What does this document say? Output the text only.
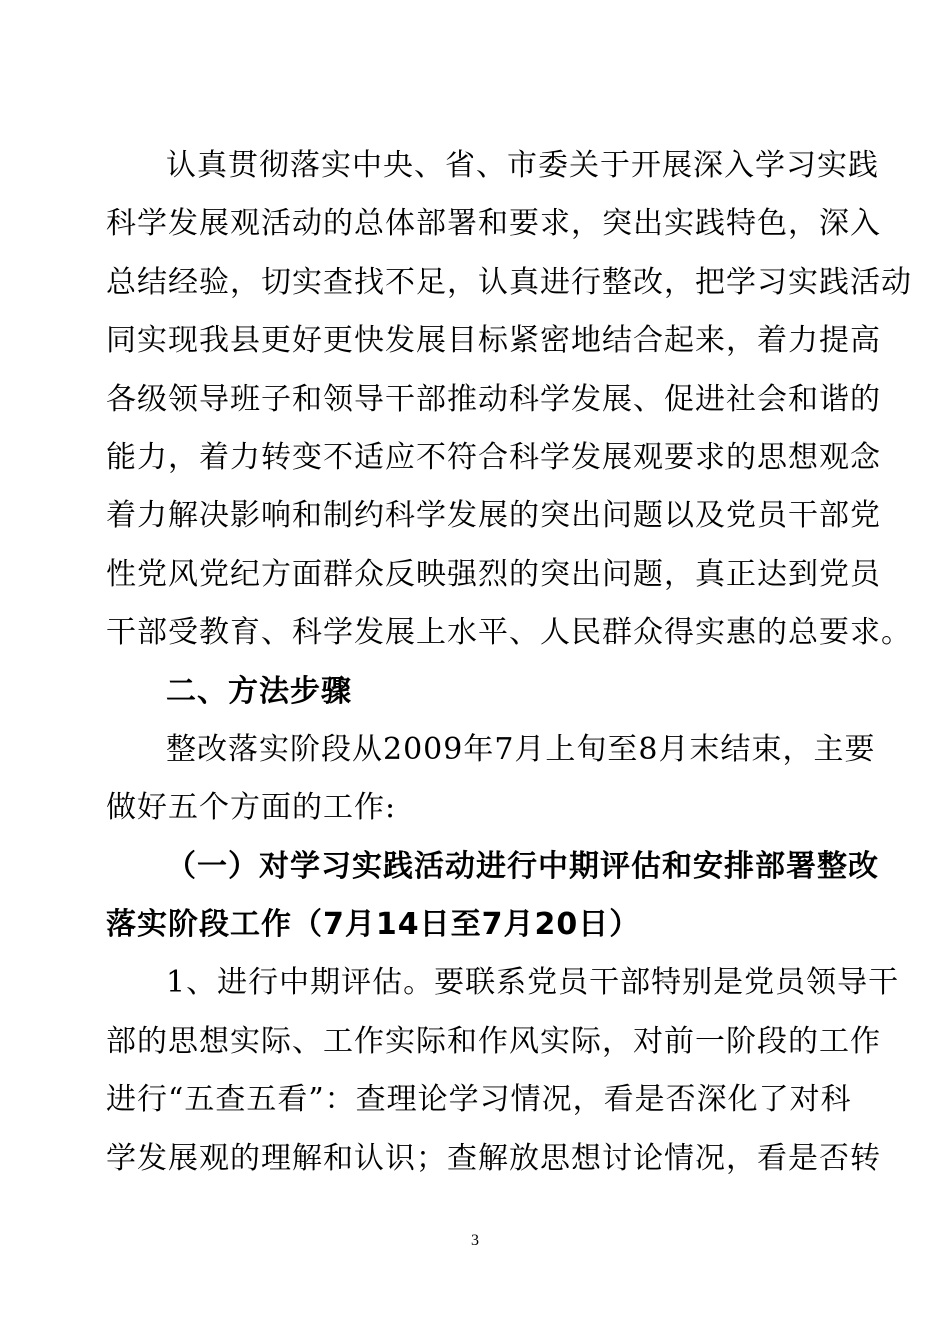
认真贯彻落实中央、省、市委关于开展深入学习实践
科学发展观活动的总体部署和要求，突出实践特色，深入
总结经验，切实查找不足，认真进行整改，把学习实践活动
同实现我县更好更快发展目标紧密地结合起来，着力提高
各级领导班子和领导干部推动科学发展、促进社会和谐的
能力，着力转变不适应不符合科学发展观要求的思想观念
着力解决影响和制约科学发展的突出问题以及党员干部党
性党风党纪方面群众反映强烈的突出问题，真正达到党员
干部受教育、科学发展上水平、人民群众得实惠的总要求。
二、方法步骤
整改落实阶段从2009年7月上旬至8月末结束，主要
做好五个方面的工作:
（一）对学习实践活动进行中期评估和安排部署整改
落实阶段工作（7月14日至7月20日）
1、进行中期评估。要联系党员干部特别是党员领导干
部的思想实际、工作实际和作风实际，对前一阶段的工作
进行“五查五看”：查理论学习情况，看是否深化了对科
学发展观的理解和认识；查解放思想讨论情况，看是否转
3
